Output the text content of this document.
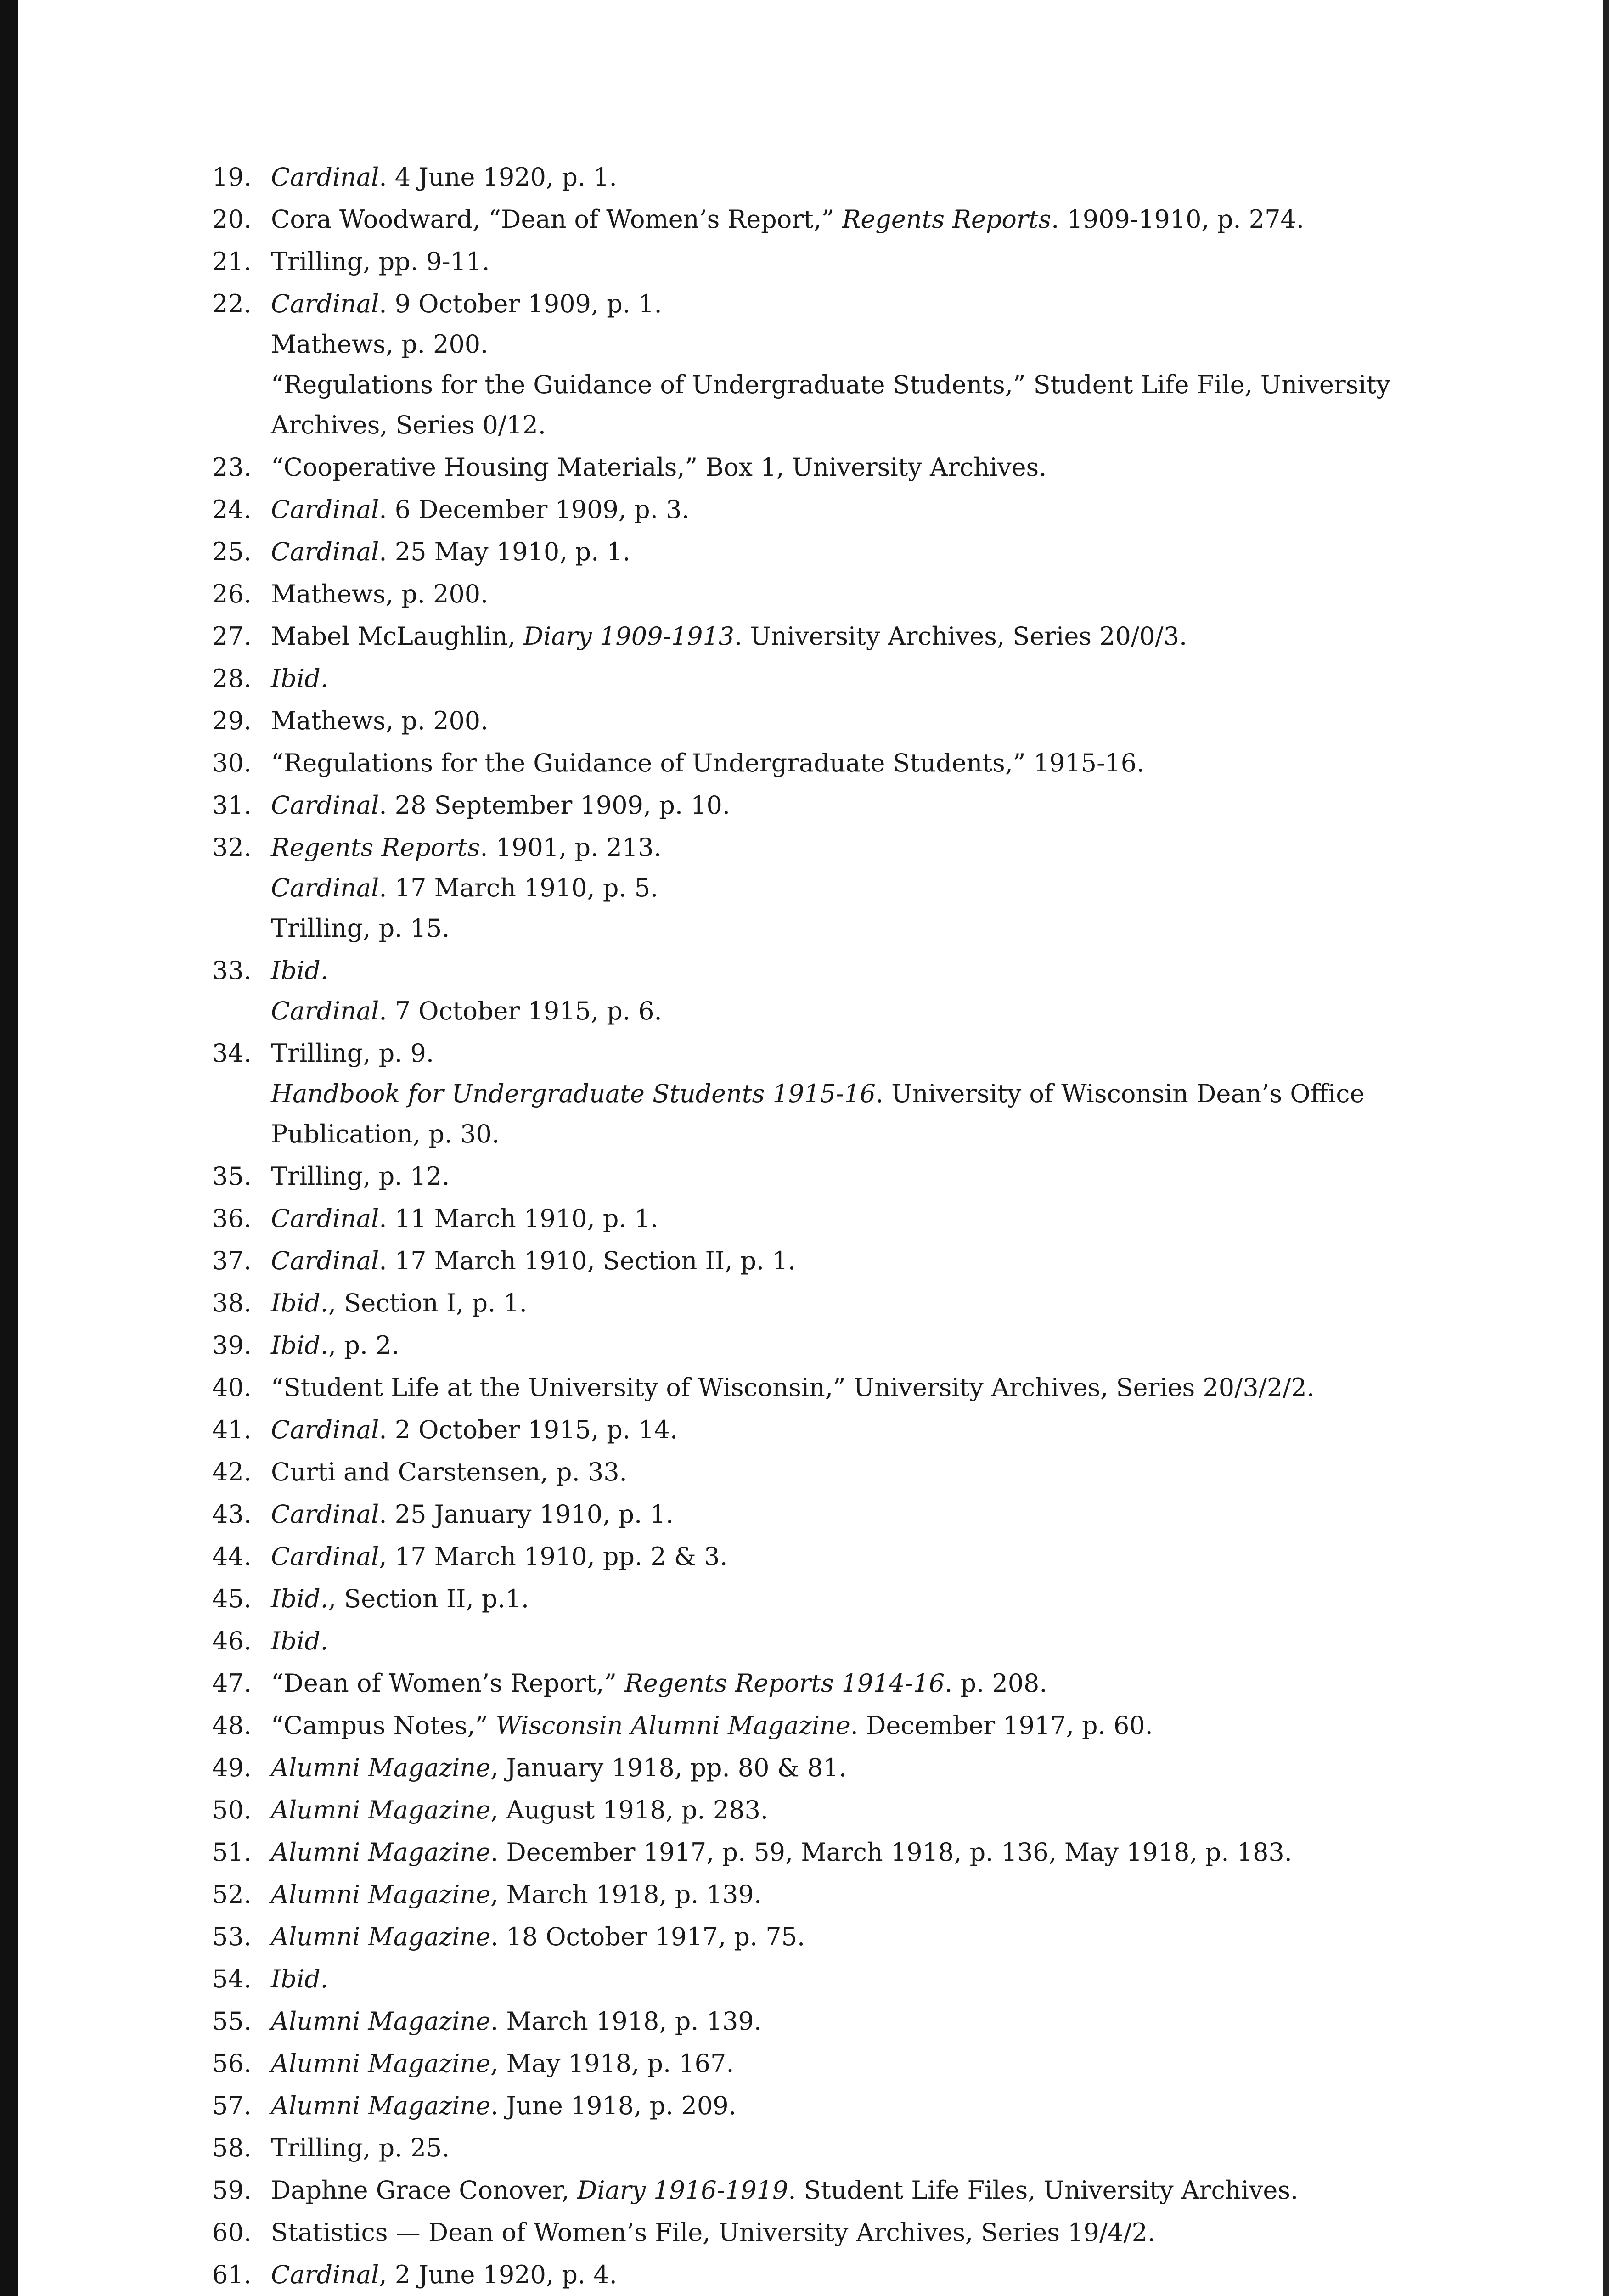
19. Cardinal. 4 June 1920, p. 1.
20. Cora Woodward, “Dean of Women’s Report,” Regents Reports. 1909-1910, p. 274.
21. Trilling, pp. 9-11.
22. Cardinal. 9 October 1909, p. 1.
Mathews, p. 200.
“Regulations for the Guidance of Undergraduate Students,” Student Life File, University Archives, Series 0/12.
23. “Cooperative Housing Materials,” Box 1, University Archives.
24. Cardinal. 6 December 1909, p. 3.
25. Cardinal. 25 May 1910, p. 1.
26. Mathews, p. 200.
27. Mabel McLaughlin, Diary 1909-1913. University Archives, Series 20/0/3.
28. Ibid.
29. Mathews, p. 200.
30. “Regulations for the Guidance of Undergraduate Students,” 1915-16.
31. Cardinal. 28 September 1909, p. 10.
32. Regents Reports. 1901, p. 213.
Cardinal. 17 March 1910, p. 5.
Trilling, p. 15.
33. Ibid.
Cardinal. 7 October 1915, p. 6.
34. Trilling, p. 9.
Handbook for Undergraduate Students 1915-16. University of Wisconsin Dean’s Office Publication, p. 30.
35. Trilling, p. 12.
36. Cardinal. 11 March 1910, p. 1.
37. Cardinal. 17 March 1910, Section II, p. 1.
38. Ibid., Section I, p. 1.
39. Ibid., p. 2.
40. “Student Life at the University of Wisconsin,” University Archives, Series 20/3/2/2.
41. Cardinal. 2 October 1915, p. 14.
42. Curti and Carstensen, p. 33.
43. Cardinal. 25 January 1910, p. 1.
44. Cardinal, 17 March 1910, pp. 2 & 3.
45. Ibid., Section II, p.1.
46. Ibid.
47. “Dean of Women’s Report,” Regents Reports 1914-16. p. 208.
48. “Campus Notes,” Wisconsin Alumni Magazine. December 1917, p. 60.
49. Alumni Magazine, January 1918, pp. 80 & 81.
50. Alumni Magazine, August 1918, p. 283.
51. Alumni Magazine. December 1917, p. 59, March 1918, p. 136, May 1918, p. 183.
52. Alumni Magazine, March 1918, p. 139.
53. Alumni Magazine. 18 October 1917, p. 75.
54. Ibid.
55. Alumni Magazine. March 1918, p. 139.
56. Alumni Magazine, May 1918, p. 167.
57. Alumni Magazine. June 1918, p. 209.
58. Trilling, p. 25.
59. Daphne Grace Conover, Diary 1916-1919. Student Life Files, University Archives.
60. Statistics — Dean of Women’s File, University Archives, Series 19/4/2.
61. Cardinal, 2 June 1920, p. 4.
